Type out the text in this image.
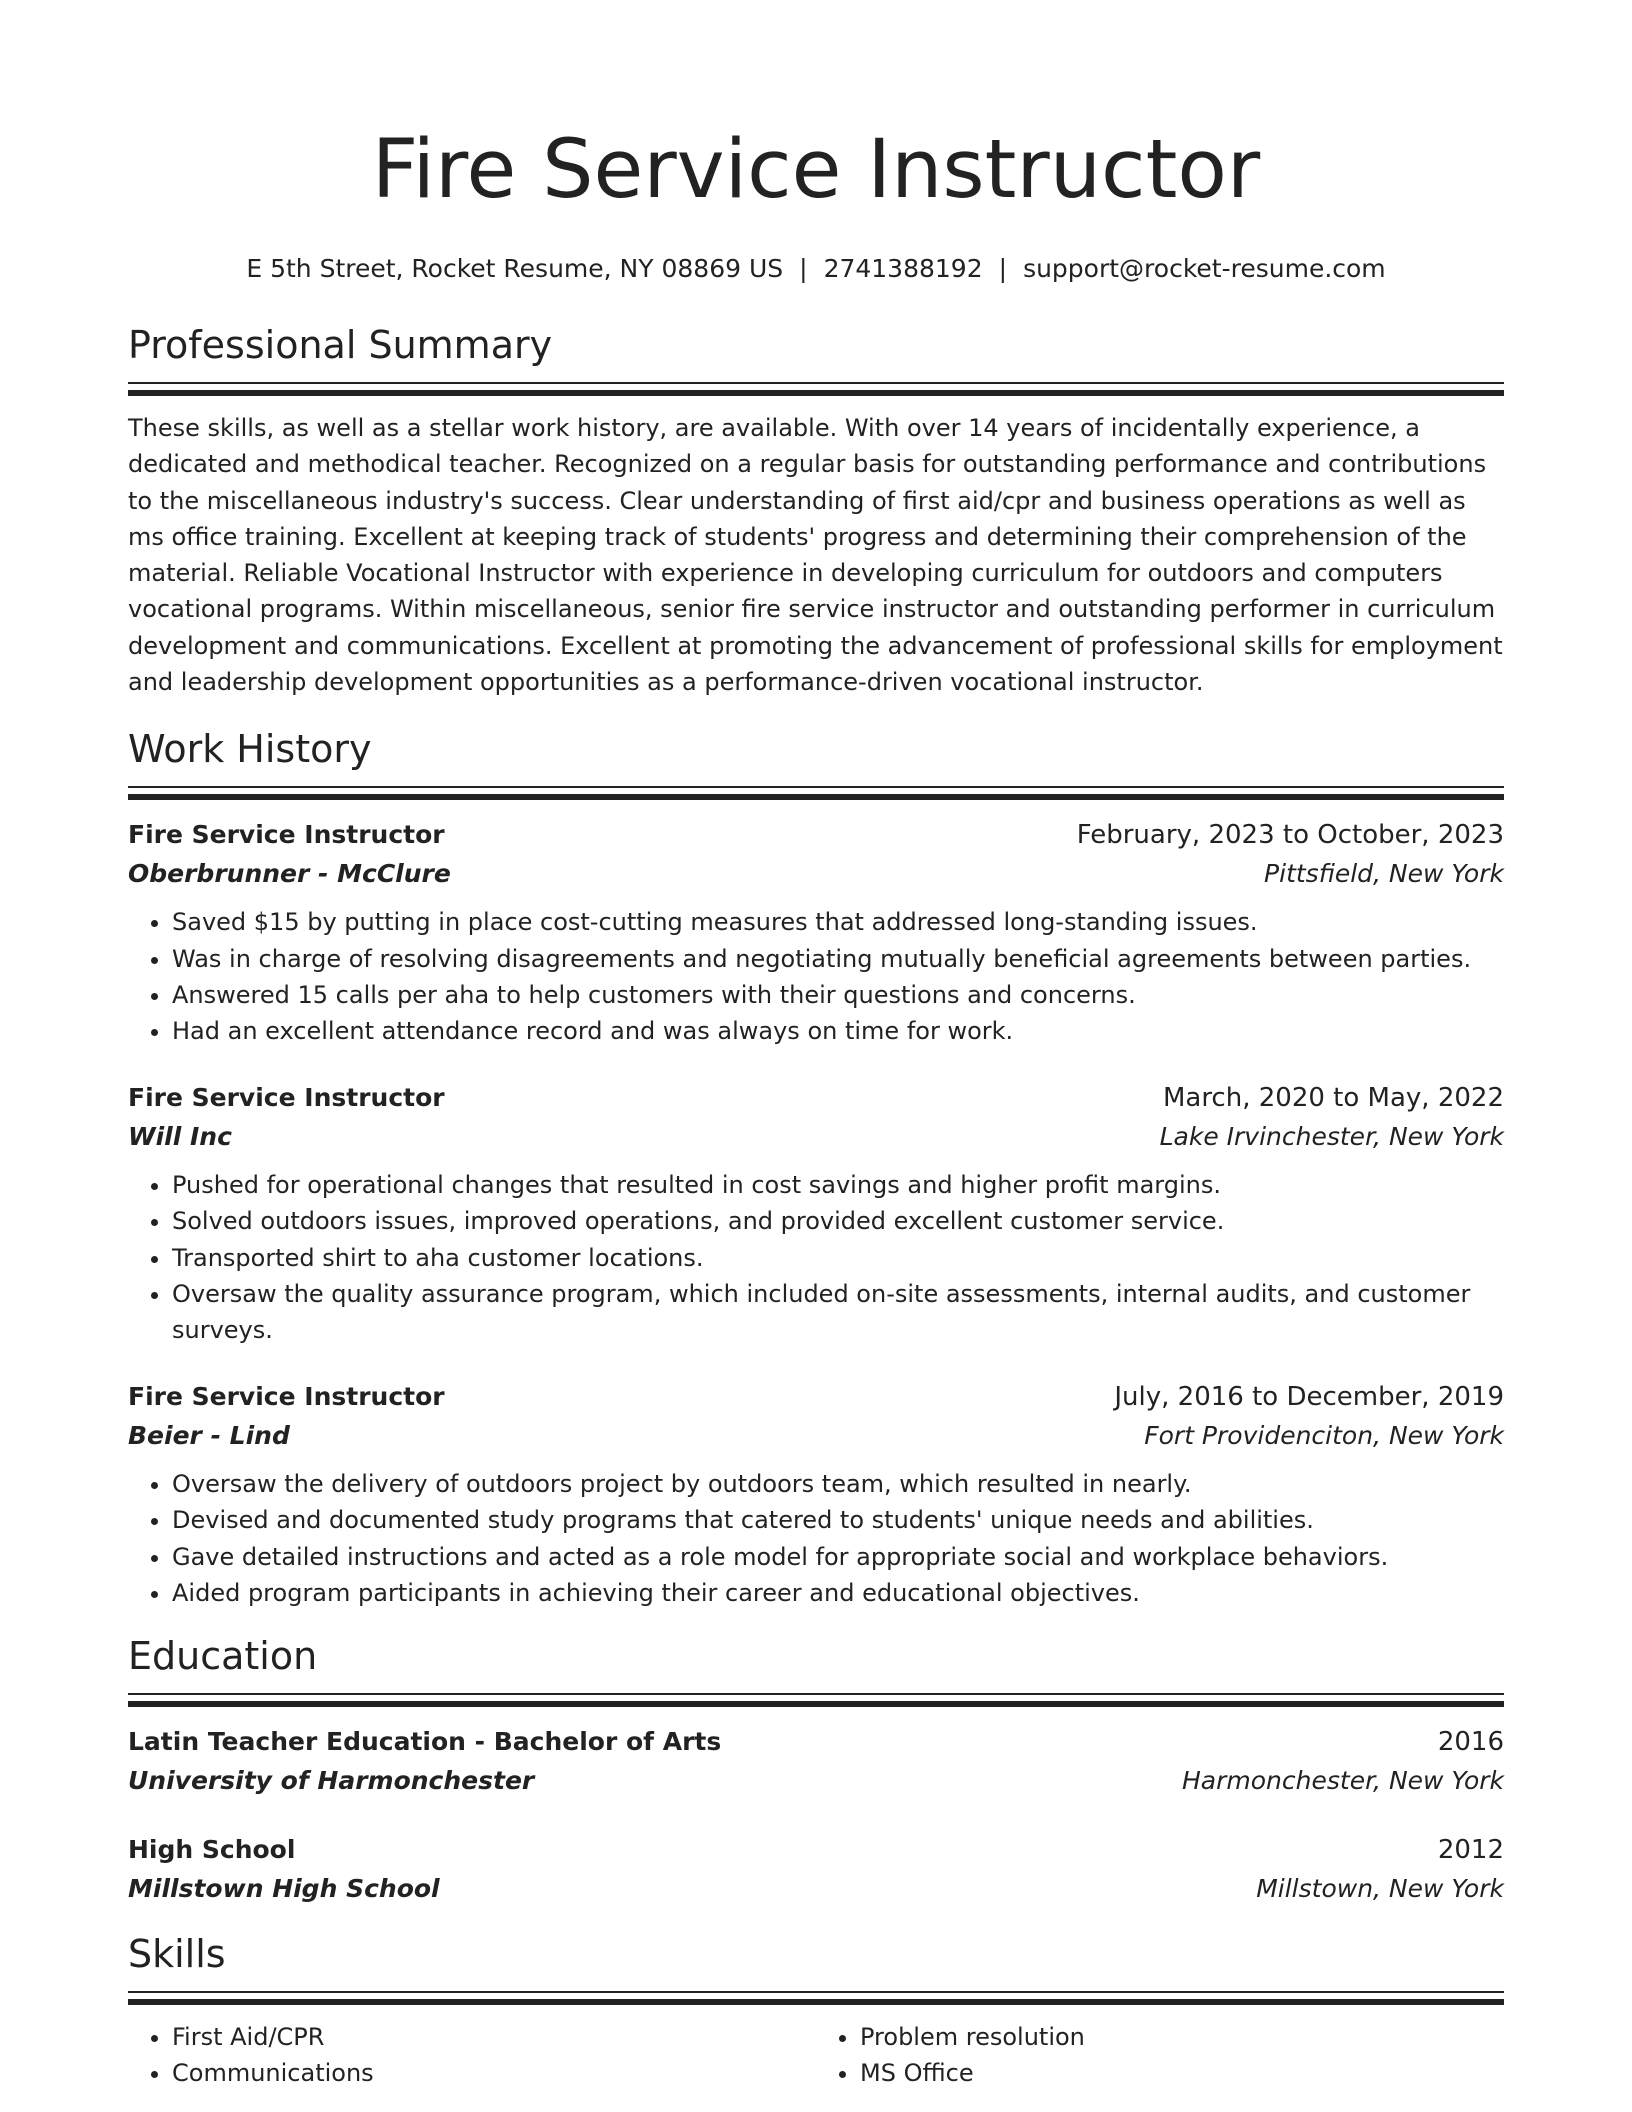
Fire Service Instructor
E 5th Street, Rocket Resume, NY 08869 US | 2741388192 | support@rocket-resume.com
Professional Summary
These skills, as well as a stellar work history, are available. With over 14 years of incidentally experience, a dedicated and methodical teacher. Recognized on a regular basis for outstanding performance and contributions to the miscellaneous industry's success. Clear understanding of first aid/cpr and business operations as well as ms office training. Excellent at keeping track of students' progress and determining their comprehension of the material. Reliable Vocational Instructor with experience in developing curriculum for outdoors and computers vocational programs. Within miscellaneous, senior fire service instructor and outstanding performer in curriculum development and communications. Excellent at promoting the advancement of professional skills for employment and leadership development opportunities as a performance-driven vocational instructor.
Work History
Fire Service Instructor	February, 2023 to October, 2023
Oberbrunner - McClure	Pittsfield, New York
• Saved $15 by putting in place cost-cutting measures that addressed long-standing issues.
• Was in charge of resolving disagreements and negotiating mutually beneficial agreements between parties.
• Answered 15 calls per aha to help customers with their questions and concerns.
• Had an excellent attendance record and was always on time for work.
Fire Service Instructor	March, 2020 to May, 2022
Will Inc	Lake Irvinchester, New York
• Pushed for operational changes that resulted in cost savings and higher profit margins.
• Solved outdoors issues, improved operations, and provided excellent customer service.
• Transported shirt to aha customer locations.
• Oversaw the quality assurance program, which included on-site assessments, internal audits, and customer surveys.
Fire Service Instructor	July, 2016 to December, 2019
Beier - Lind	Fort Providenciton, New York
• Oversaw the delivery of outdoors project by outdoors team, which resulted in nearly.
• Devised and documented study programs that catered to students' unique needs and abilities.
• Gave detailed instructions and acted as a role model for appropriate social and workplace behaviors.
• Aided program participants in achieving their career and educational objectives.
Education
Latin Teacher Education - Bachelor of Arts	2016
University of Harmonchester	Harmonchester, New York
High School	2012
Millstown High School	Millstown, New York
Skills
• First Aid/CPR
• Communications
• Problem resolution
• MS Office
